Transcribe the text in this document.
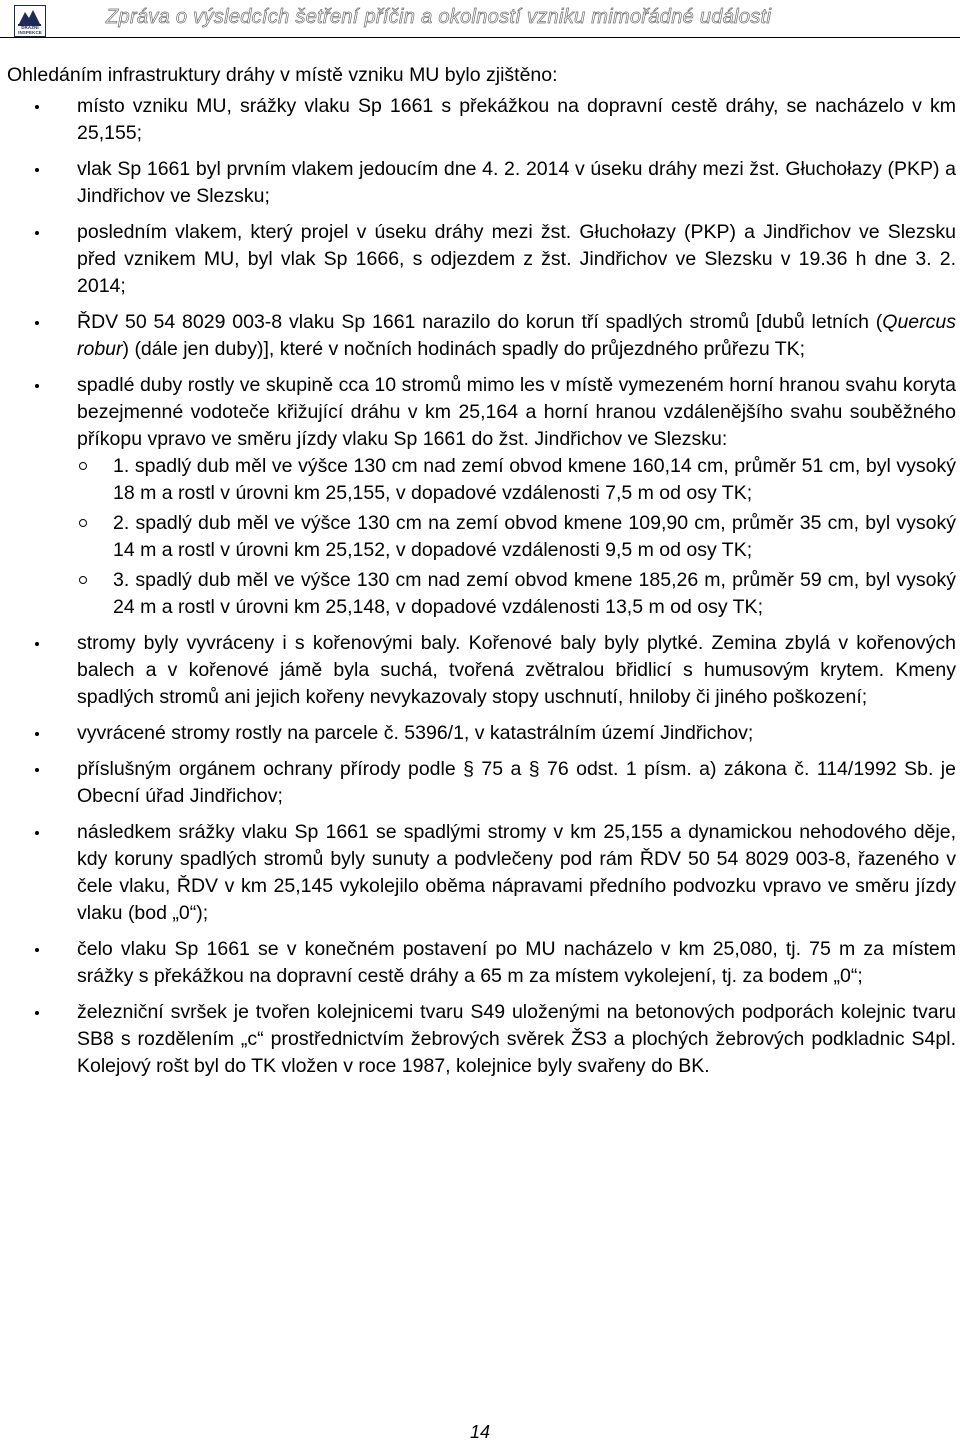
DRÁŽNÍ
INSPEKCE
Zpráva o výsledcích šetření příčin a okolností vzniku mimořádné události

Ohledáním infrastruktury dráhy v místě vzniku MU bylo zjištěno:

místo vzniku MU, srážky vlaku Sp 1661 s překážkou na dopravní cestě dráhy, se nacházelo v km 25,155;
vlak Sp 1661 byl prvním vlakem jedoucím dne 4. 2. 2014 v úseku dráhy mezi žst. Głuchołazy (PKP) a Jindřichov ve Slezsku;
posledním vlakem, který projel v úseku dráhy mezi žst. Głuchołazy (PKP) a Jindřichov ve Slezsku před vznikem MU, byl vlak Sp 1666, s odjezdem z žst. Jindřichov ve Slezsku v 19.36 h dne 3. 2. 2014;
ŘDV 50 54 8029 003-8 vlaku Sp 1661 narazilo do korun tří spadlých stromů [dubů letních (Quercus robur) (dále jen duby)], které v nočních hodinách spadly do průjezdného průřezu TK;
spadlé duby rostly ve skupině cca 10 stromů mimo les v místě vymezeném horní hranou svahu koryta bezejmenné vodoteče křižující dráhu v km 25,164 a horní hranou vzdálenějšího svahu souběžného příkopu vpravo ve směru jízdy vlaku Sp 1661 do žst. Jindřichov ve Slezsku:
1. spadlý dub měl ve výšce 130 cm nad zemí obvod kmene 160,14 cm, průměr 51 cm, byl vysoký 18 m a rostl v úrovni km 25,155, v dopadové vzdálenosti 7,5 m od osy TK;
2. spadlý dub měl ve výšce 130 cm na zemí obvod kmene 109,90 cm, průměr 35 cm, byl vysoký 14 m a rostl v úrovni km 25,152, v dopadové vzdálenosti 9,5 m od osy TK;
3. spadlý dub měl ve výšce 130 cm nad zemí obvod kmene 185,26 m, průměr 59 cm, byl vysoký 24 m a rostl v úrovni km 25,148, v dopadové vzdálenosti 13,5 m od osy TK;
stromy byly vyvráceny i s kořenovými baly. Kořenové baly byly plytké. Zemina zbylá v kořenových balech a v kořenové jámě byla suchá, tvořená zvětralou břidlicí s humusovým krytem. Kmeny spadlých stromů ani jejich kořeny nevykazovaly stopy uschnutí, hniloby či jiného poškození;
vyvrácené stromy rostly na parcele č. 5396/1, v katastrálním území Jindřichov;
příslušným orgánem ochrany přírody podle § 75 a § 76 odst. 1 písm. a) zákona č. 114/1992 Sb. je Obecní úřad Jindřichov;
následkem srážky vlaku Sp 1661 se spadlými stromy v km 25,155 a dynamickou nehodového děje, kdy koruny spadlých stromů byly sunuty a podvlečeny pod rám ŘDV 50 54 8029 003-8, řazeného v čele vlaku, ŘDV v km 25,145 vykolejilo oběma nápravami předního podvozku vpravo ve směru jízdy vlaku (bod „0“);
čelo vlaku Sp 1661 se v konečném postavení po MU nacházelo v km 25,080, tj. 75 m za místem srážky s překážkou na dopravní cestě dráhy a 65 m za místem vykolejení, tj. za bodem „0“;
železniční svršek je tvořen kolejnicemi tvaru S49 uloženými na betonových podporách kolejnic tvaru SB8 s rozdělením „c“ prostřednictvím žebrových svěrek ŽS3 a plochých žebrových podkladnic S4pl. Kolejový rošt byl do TK vložen v roce 1987, kolejnice byly svařeny do BK.
14
